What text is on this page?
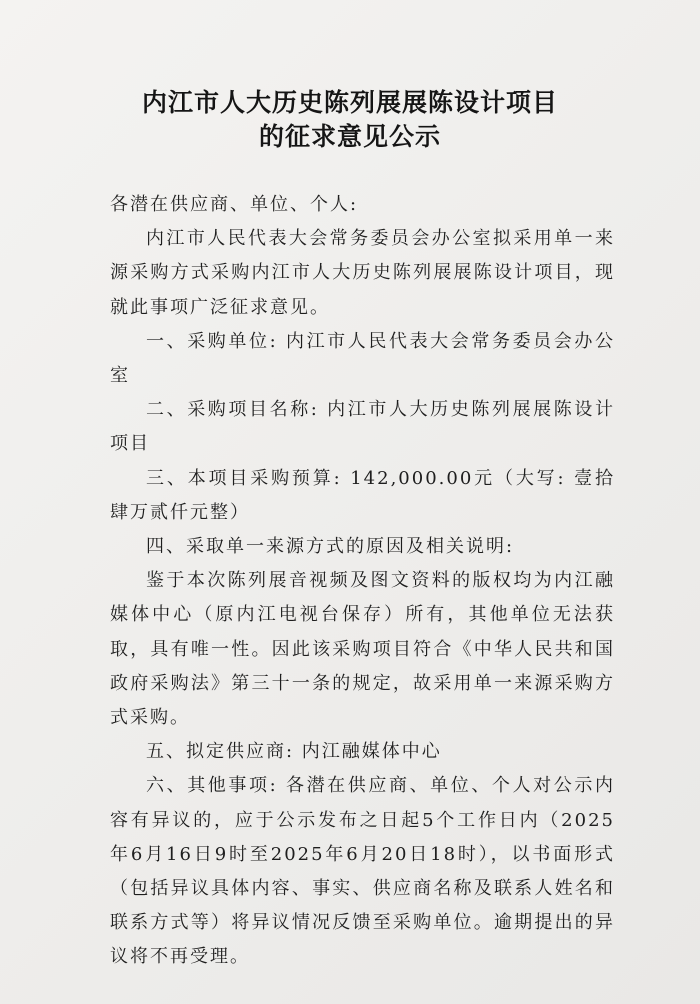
内江市人大历史陈列展展陈设计项目
的征求意见公示

各潜在供应商、单位、个人:

内江市人民代表大会常务委员会办公室拟采用单一来源采购方式采购内江市人大历史陈列展展陈设计项目，现就此事项广泛征求意见。

一、采购单位: 内江市人民代表大会常务委员会办公室

二、采购项目名称: 内江市人大历史陈列展展陈设计项目

三、本项目采购预算: 142,000.00元（大写: 壹拾肆万贰仟元整）

四、采取单一来源方式的原因及相关说明:

鉴于本次陈列展音视频及图文资料的版权均为内江融媒体中心（原内江电视台保存）所有，其他单位无法获取，具有唯一性。因此该采购项目符合《中华人民共和国政府采购法》第三十一条的规定，故采用单一来源采购方式采购。

五、拟定供应商: 内江融媒体中心

六、其他事项: 各潜在供应商、单位、个人对公示内容有异议的，应于公示发布之日起5个工作日内（2025年6月16日9时至2025年6月20日18时），以书面形式（包括异议具体内容、事实、供应商名称及联系人姓名和联系方式等）将异议情况反馈至采购单位。逾期提出的异议将不再受理。
